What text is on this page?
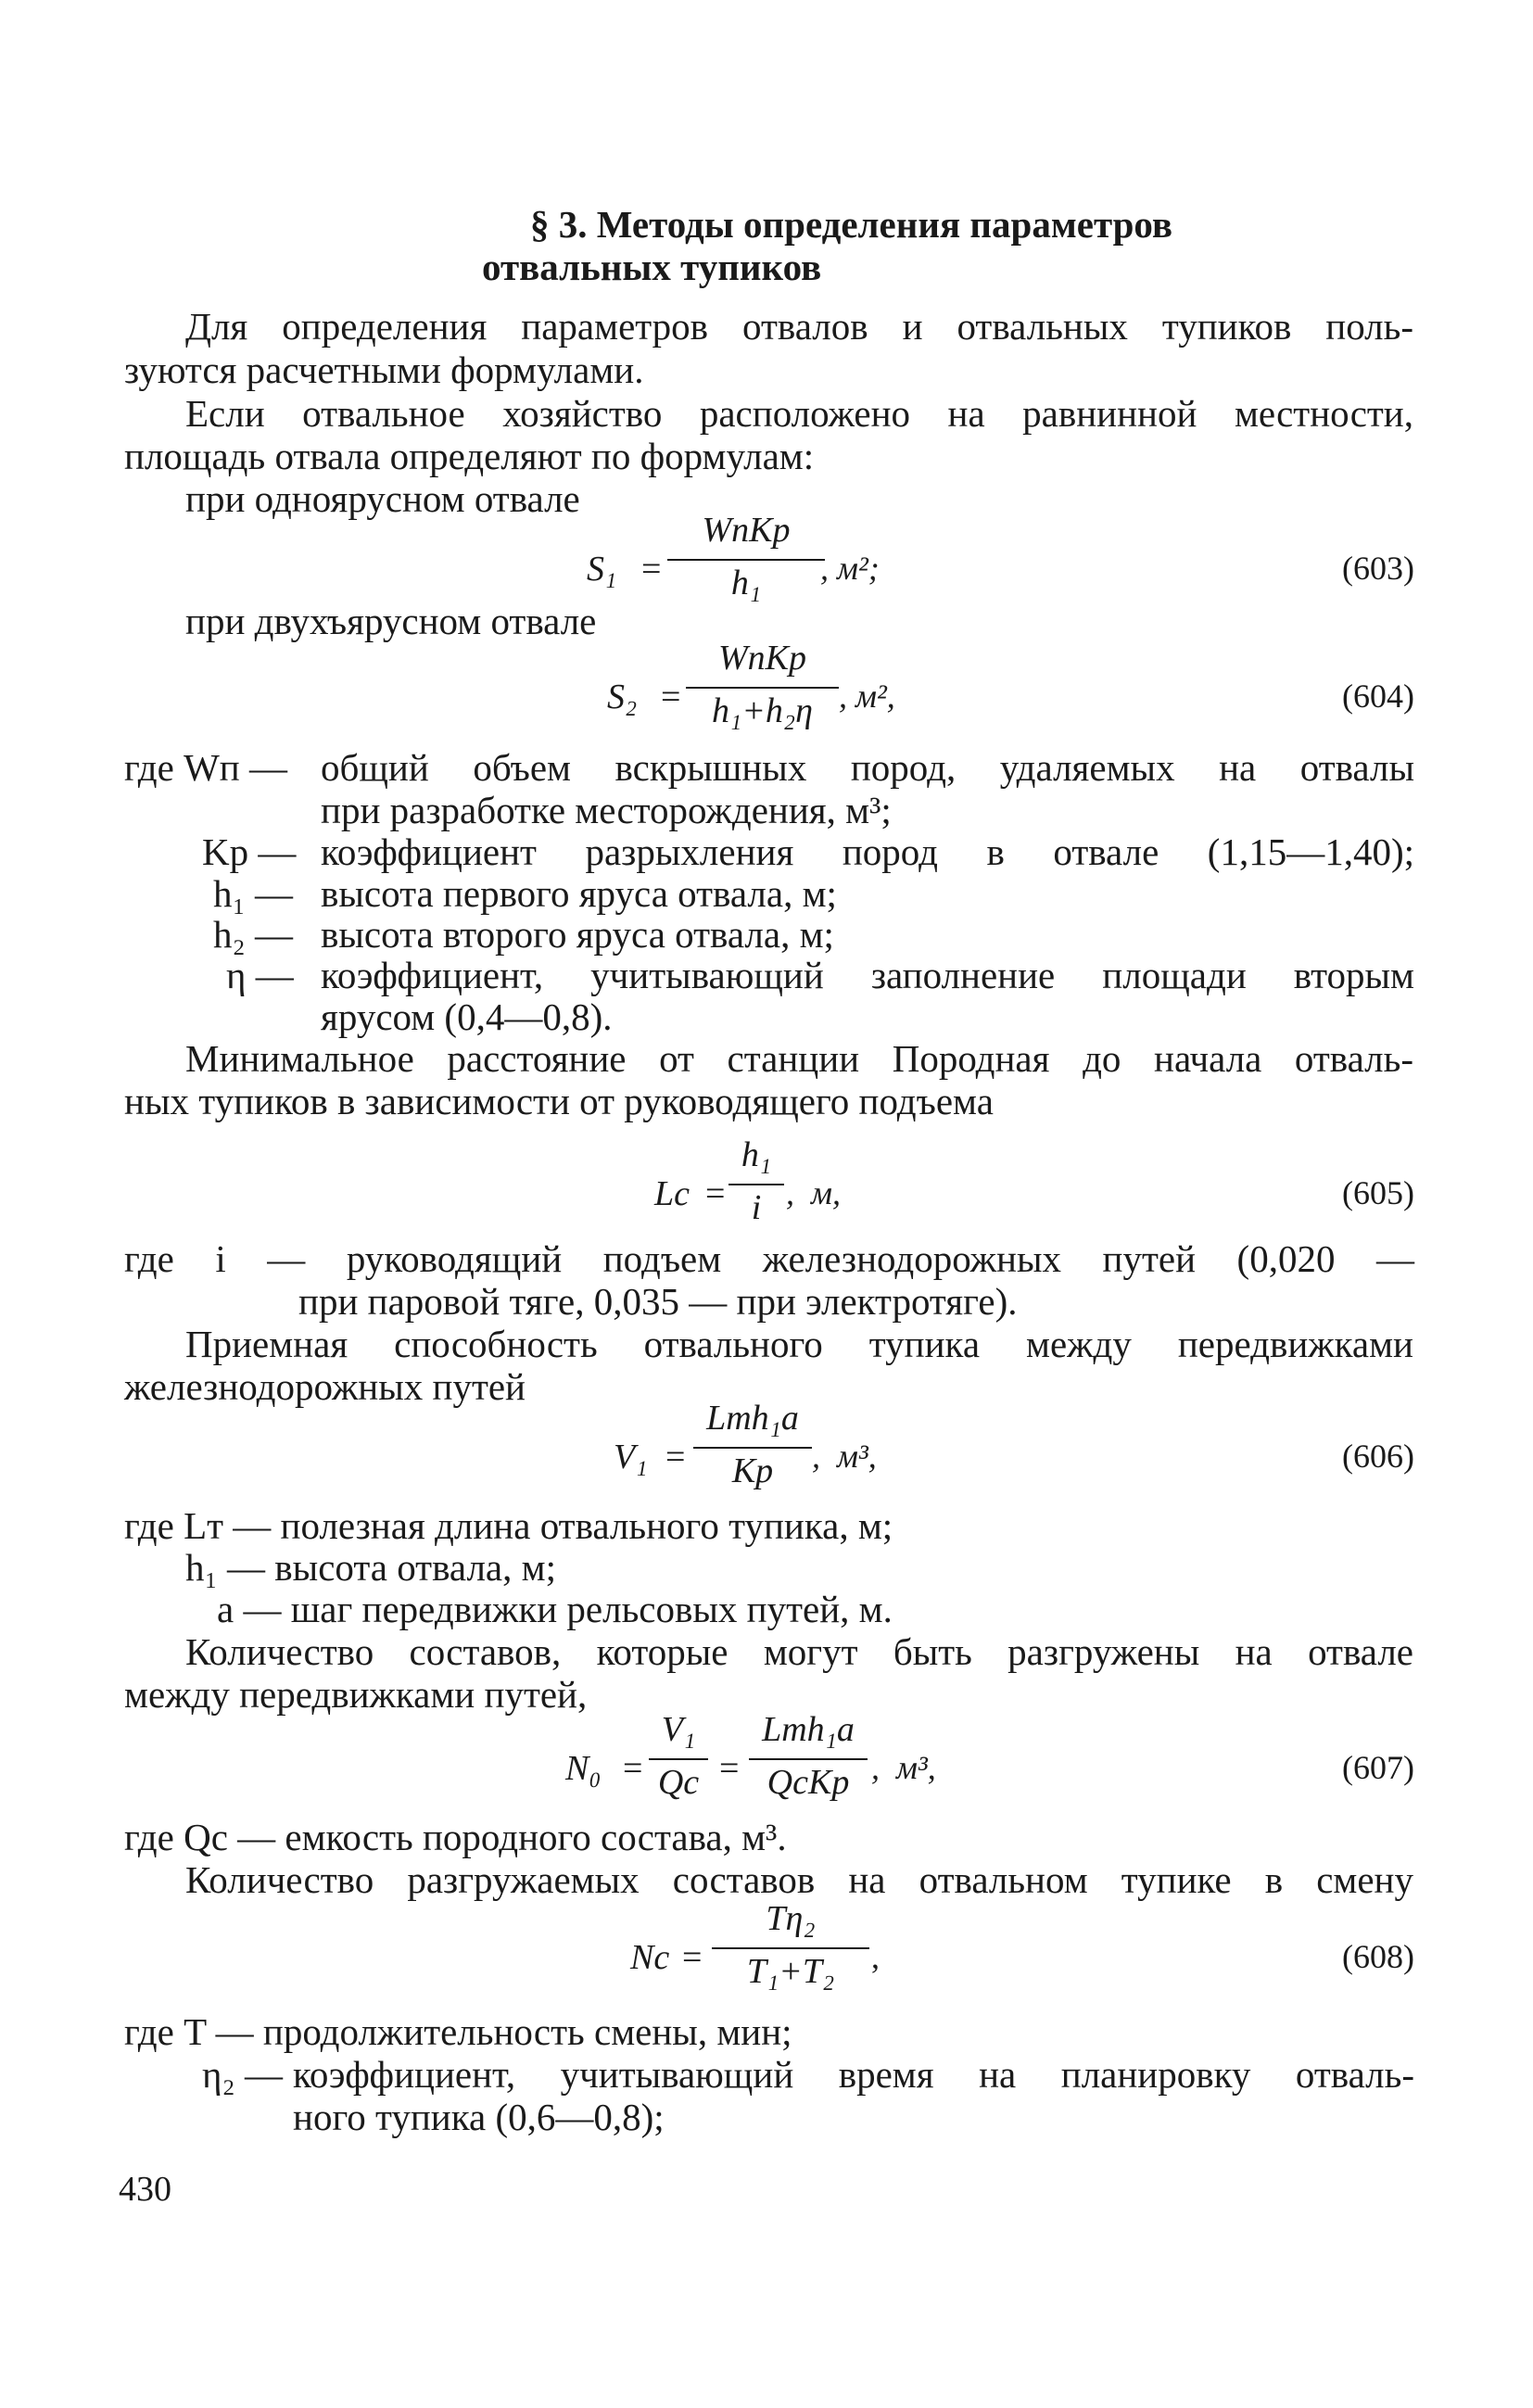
§ 3. Методы определения параметров
отвальных тупиков
Для определения параметров отвалов и отвальных тупиков поль-
зуются расчетными формулами.
Если отвальное хозяйство расположено на равнинной местности,
площадь отвала определяют по формулам:
при одноярусном отвале
S₁ =
WпKр
h₁	, м²;	(603)
при двухъярусном отвале
S₂ =
WпKр
h₁+h₂η , м²,	(604)
где Wп — общий объем вскрышных пород, удаляемых на отвалы
при разработке месторождения, м³;
Kр — коэффициент разрыхления пород в отвале (1,15—1,40);
h₁ — высота первого яруса отвала, м;
h₂ — высота второго яруса отвала, м;
η — коэффициент, учитывающий заполнение площади вторым
ярусом (0,4—0,8).
Минимальное расстояние от станции Породная до начала отваль-
ных тупиков в зависимости от руководящего подъема
Lс =
h₁
i ,  м,	(605)
где i — руководящий подъем железнодорожных путей (0,020 —
при паровой тяге, 0,035 — при электротяге).
Приемная способность отвального тупика между передвижками
железнодорожных путей
V₁ =
Lтh₁a
Kр	,  м³,	(606)
где Lт — полезная длина отвального тупика, м;
h₁ — высота отвала, м;
a — шаг передвижки рельсовых путей, м.
Количество составов, которые могут быть разгружены на отвале
между передвижками путей,
N₀ =
V₁
Qс =
Lтh₁a
QсKр ,  м³,	(607)
где Qс — емкость породного состава, м³.
Количество разгружаемых составов на отвальном тупике в смену
Nс =
Tη₂
T₁+T₂	,	(608)
где T — продолжительность смены, мин;
η₂ — коэффициент, учитывающий время на планировку отваль-
ного тупика (0,6—0,8);
430
